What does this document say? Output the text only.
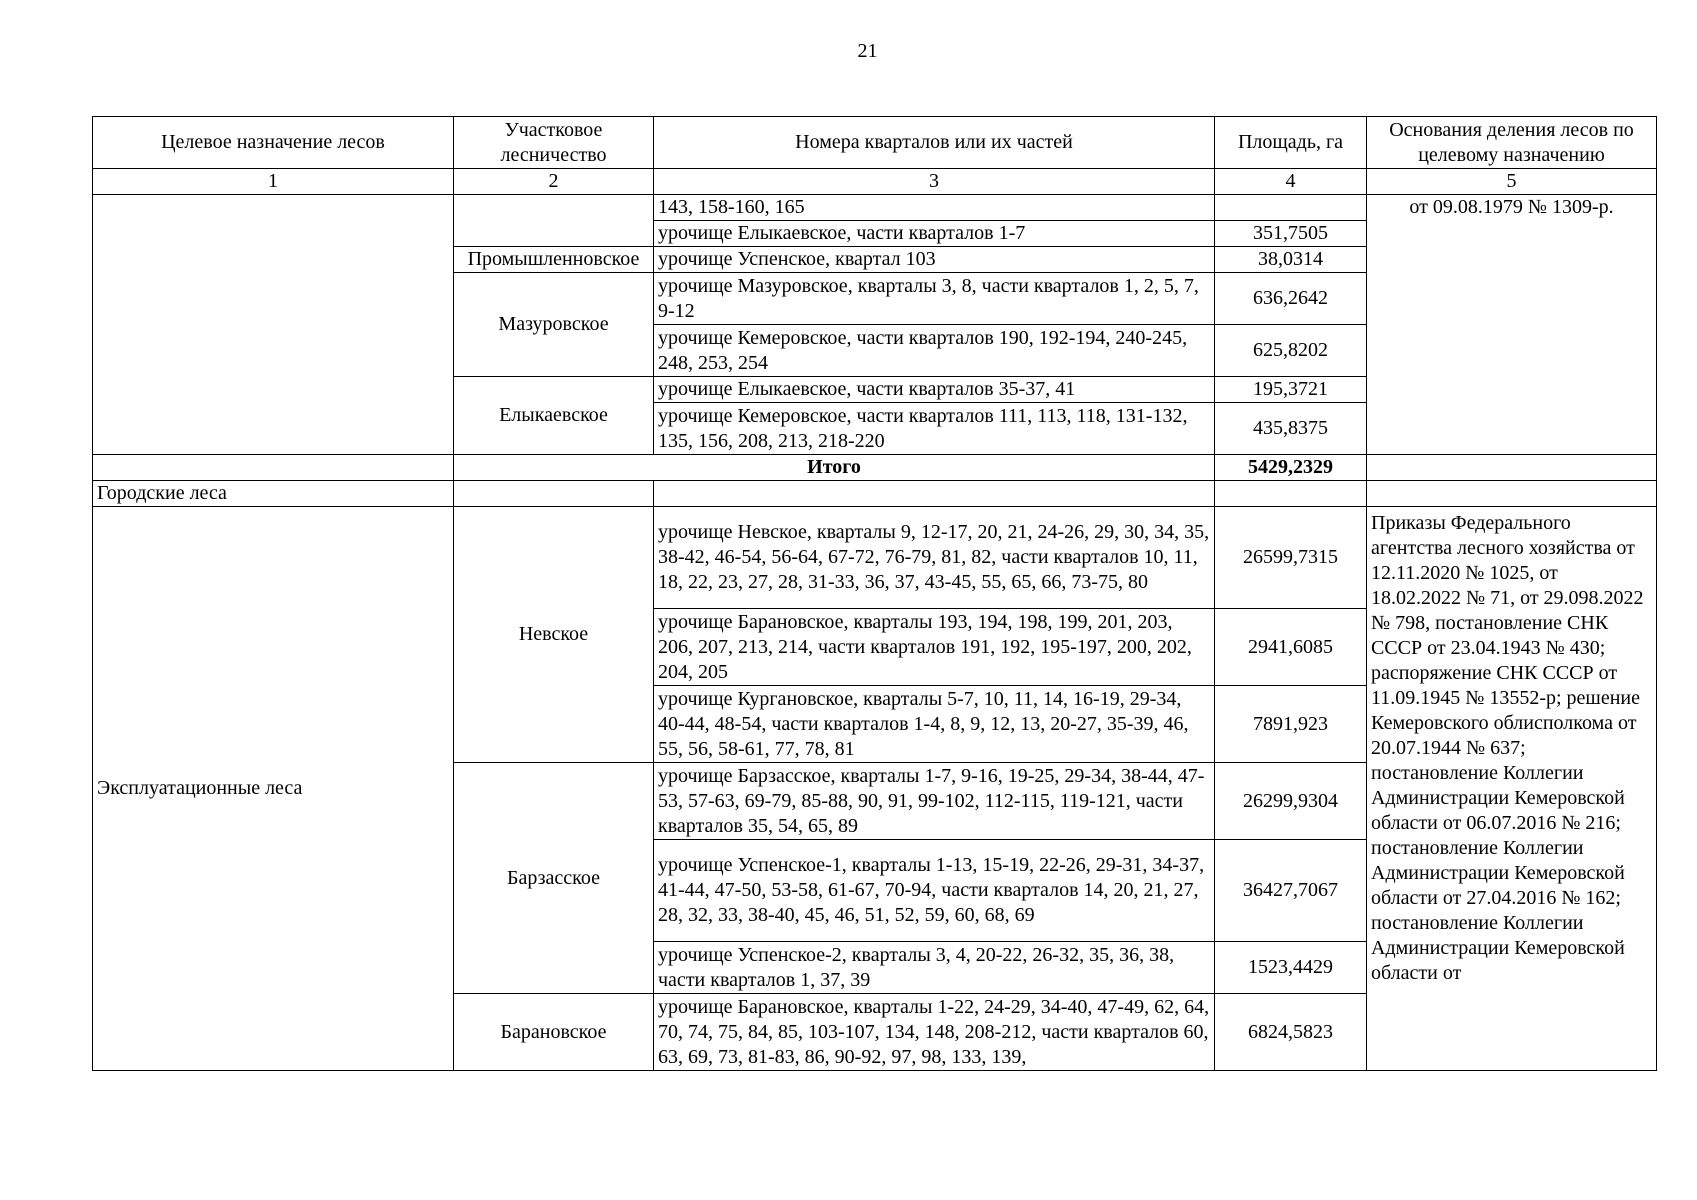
21
Целевое назначение лесов	Участковое лесничество	Номера кварталов или их частей	Площадь, га	Основания деления лесов по целевому назначению
1	2	3	4	5
		143, 158-160, 165		от 09.08.1979 № 1309-р.
		урочище Елыкаевское, части кварталов 1-7	351,7505	
	Промышленновское	урочище Успенское, квартал 103	38,0314	
	Мазуровское	урочище Мазуровское, кварталы 3, 8, части кварталов 1, 2, 5, 7, 9-12	636,2642	
		урочище Кемеровское, части кварталов 190, 192-194, 240-245, 248, 253, 254	625,8202	
	Елыкаевское	урочище Елыкаевское, части кварталов 35-37, 41	195,3721	
		урочище Кемеровское, части кварталов 111, 113, 118, 131-132, 135, 156, 208, 213, 218-220	435,8375	
	Итого		5429,2329	
Городские леса				
Эксплуатационные леса	Невское	урочище Невское, кварталы 9, 12-17, 20, 21, 24-26, 29, 30, 34, 35, 38-42, 46-54, 56-64, 67-72, 76-79, 81, 82, части кварталов 10, 11, 18, 22, 23, 27, 28, 31-33, 36, 37, 43-45, 55, 65, 66, 73-75, 80	26599,7315	Приказы Федерального агентства лесного хозяйства от 12.11.2020 № 1025, от 18.02.2022 № 71, от 29.098.2022 № 798, постановление СНК СССР от 23.04.1943 № 430; распоряжение СНК СССР от 11.09.1945 № 13552-р; решение Кемеровского облисполкома от 20.07.1944 № 637; постановление Коллегии Администрации Кемеровской области от 06.07.2016 № 216; постановление Коллегии Администрации Кемеровской области от 27.04.2016 № 162; постановление Коллегии Администрации Кемеровской области от
		урочище Барановское, кварталы 193, 194, 198, 199, 201, 203, 206, 207, 213, 214, части кварталов 191, 192, 195-197, 200, 202, 204, 205	2941,6085	
		урочище Кургановское, кварталы 5-7, 10, 11, 14, 16-19, 29-34, 40-44, 48-54, части кварталов 1-4, 8, 9, 12, 13, 20-27, 35-39, 46, 55, 56, 58-61, 77, 78, 81	7891,923	
	Барзасское	урочище Барзасское, кварталы 1-7, 9-16, 19-25, 29-34, 38-44, 47-53, 57-63, 69-79, 85-88, 90, 91, 99-102, 112-115, 119-121, части кварталов 35, 54, 65, 89	26299,9304	
		урочище Успенское-1, кварталы 1-13, 15-19, 22-26, 29-31, 34-37, 41-44, 47-50, 53-58, 61-67, 70-94, части кварталов 14, 20, 21, 27, 28, 32, 33, 38-40, 45, 46, 51, 52, 59, 60, 68, 69	36427,7067	
		урочище Успенское-2, кварталы 3, 4, 20-22, 26-32, 35, 36, 38, части кварталов 1, 37, 39	1523,4429	
	Барановское	урочище Барановское, кварталы 1-22, 24-29, 34-40, 47-49, 62, 64, 70, 74, 75, 84, 85, 103-107, 134, 148, 208-212, части кварталов 60, 63, 69, 73, 81-83, 86, 90-92, 97, 98, 133, 139,	6824,5823	
